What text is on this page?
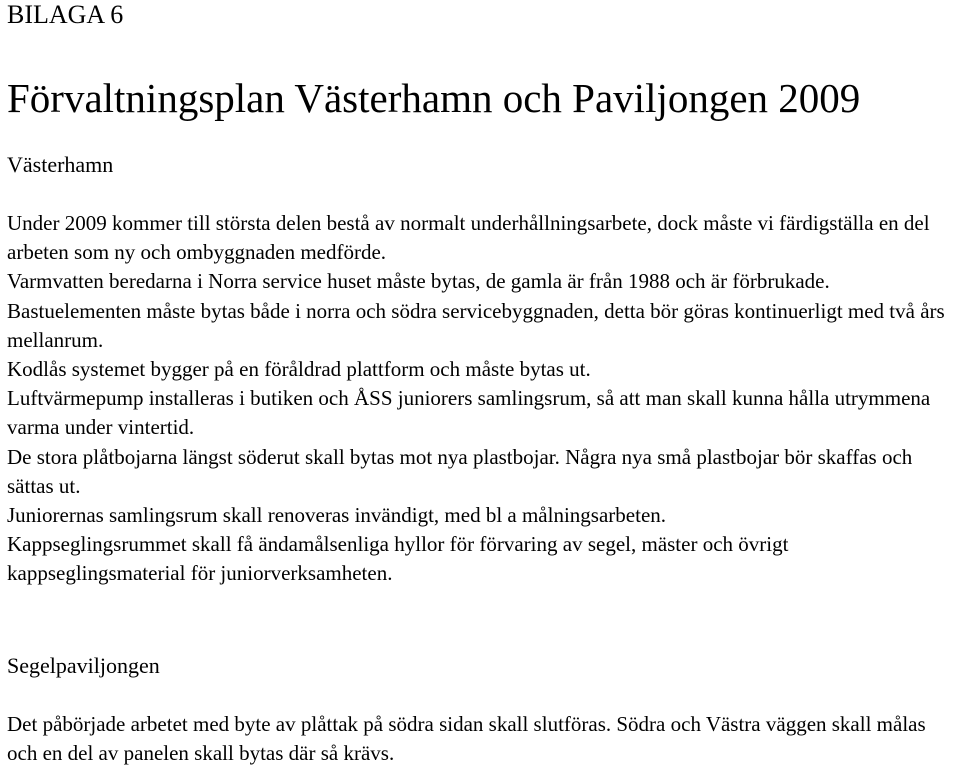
BILAGA 6

Förvaltningsplan Västerhamn och Paviljongen 2009

Västerhamn

Under 2009 kommer till största delen bestå av normalt underhållningsarbete, dock måste vi färdigställa en del arbeten som ny och ombyggnaden medförde.

Varmvatten beredarna i Norra service huset måste bytas, de gamla är från 1988 och är förbrukade.

Bastuelementen måste bytas både i norra och södra servicebyggnaden, detta bör göras kontinuerligt med två års mellanrum.

Kodlås systemet bygger på en föråldrad plattform och måste bytas ut.

Luftvärmepump installeras i butiken och ÅSS juniorers samlingsrum, så att man skall kunna hålla utrymmena varma under vintertid.

De stora plåtbojarna längst söderut skall bytas mot nya plastbojar. Några nya små plastbojar bör skaffas och sättas ut.

Juniorernas samlingsrum skall renoveras invändigt, med bl a målningsarbeten.

Kappseglingsrummet skall få ändamålsenliga hyllor för förvaring av segel, mäster och övrigt kappseglingsmaterial för juniorverksamheten.

Segelpaviljongen

Det påbörjade arbetet med byte av plåttak på södra sidan skall slutföras. Södra och Västra väggen skall målas och en del av panelen skall bytas där så krävs.
